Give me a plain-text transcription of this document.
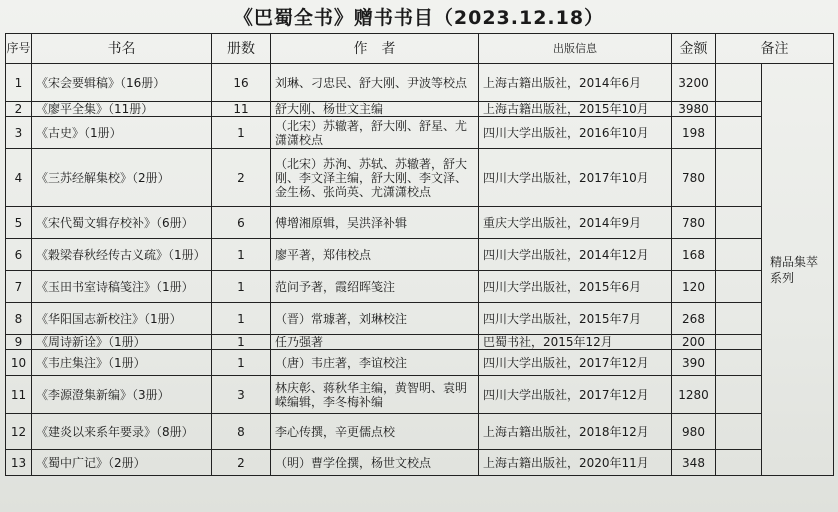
《巴蜀全书》赠书书目（2023.12.18）
序号	书名	册数	作　者	出版信息	金额	备注	
1	《宋会要辑稿》（16册）	16	刘琳、刁忠民、舒大刚、尹波等校点	上海古籍出版社，2014年6月	3200		精品集萃系列
2	《廖平全集》（11册）	11	舒大刚、杨世文主编	上海古籍出版社，2015年10月	3980		
3	《古史》（1册）	1	（北宋）苏辙著，舒大刚、舒星、尤潇潇校点	四川大学出版社，2016年10月	198		
4	《三苏经解集校》（2册）	2	（北宋）苏洵、苏轼、苏辙著，舒大刚、李文泽主编，舒大刚、李文泽、金生杨、张尚英、尤潇潇校点	四川大学出版社，2017年10月	780		
5	《宋代蜀文辑存校补》（6册）	6	傅增湘原辑，吴洪泽补辑	重庆大学出版社，2014年9月	780		
6	《穀梁春秋经传古义疏》（1册）	1	廖平著，郑伟校点	四川大学出版社，2014年12月	168		
7	《玉田书室诗稿笺注》（1册）	1	范问予著，霞绍晖笺注	四川大学出版社，2015年6月	120		
8	《华阳国志新校注》（1册）	1	（晋）常璩著，刘琳校注	四川大学出版社，2015年7月	268		
9	《周诗新诠》（1册）	1	任乃强著	巴蜀书社，2015年12月	200		
10	《韦庄集注》（1册）	1	（唐）韦庄著，李谊校注	四川大学出版社，2017年12月	390		
11	《李源澄集新编》（3册）	3	林庆彰、蒋秋华主编，黄智明、袁明嵘编辑，李冬梅补编	四川大学出版社，2017年12月	1280		
12	《建炎以来系年要录》（8册）	8	李心传撰，辛更儒点校	上海古籍出版社，2018年12月	980		
13	《蜀中广记》（2册）	2	（明）曹学佺撰，杨世文校点	上海古籍出版社，2020年11月	348		
